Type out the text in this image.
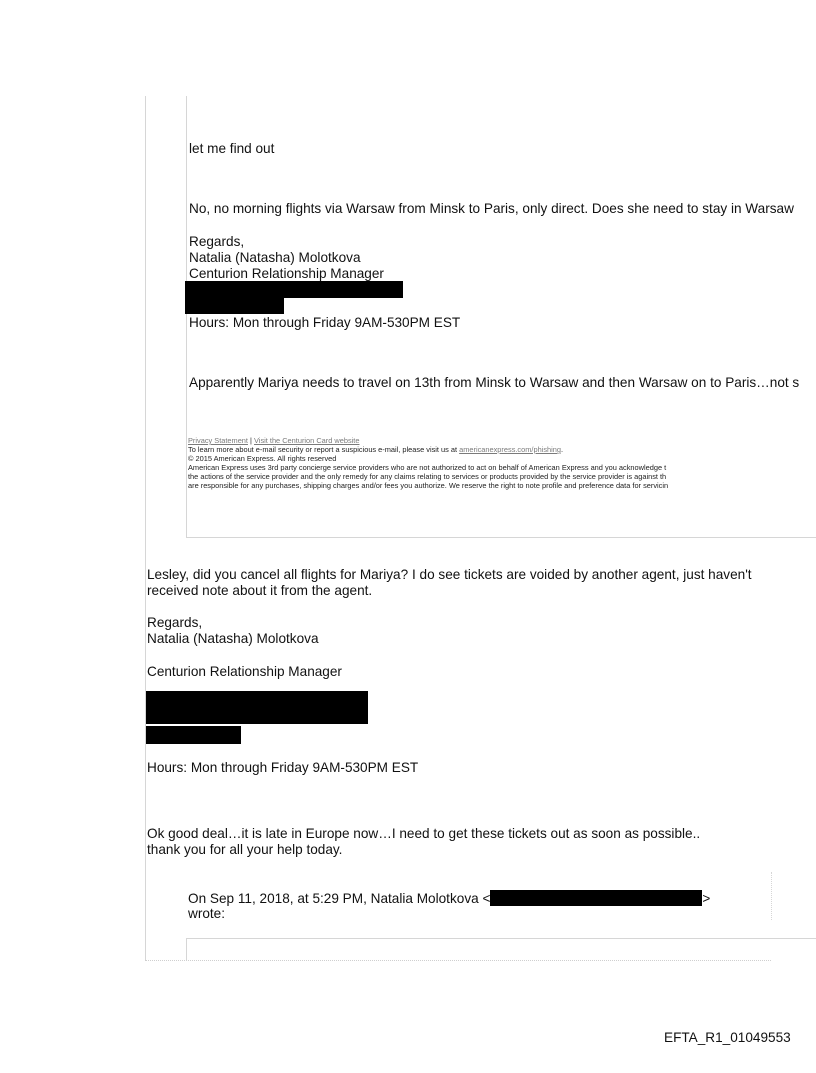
let me find out
No, no morning flights via Warsaw from Minsk to Paris, only direct. Does she need to stay in Warsaw
Regards,
Natalia (Natasha) Molotkova
Centurion Relationship Manager
Hours: Mon through Friday 9AM-530PM EST
Apparently Mariya needs to travel on 13th from Minsk to Warsaw and then Warsaw on to Paris…not s
Privacy Statement | Visit the Centurion Card website
To learn more about e-mail security or report a suspicious e-mail, please visit us at americanexpress.com/phishing.
© 2015 American Express. All rights reserved
American Express uses 3rd party concierge service providers who are not authorized to act on behalf of American Express and you acknowledge t
the actions of the service provider and the only remedy for any claims relating to services or products provided by the service provider is against th
are responsible for any purchases, shipping charges and/or fees you authorize. We reserve the right to note profile and preference data for servicin
Lesley, did you cancel all flights for Mariya? I do see tickets are voided by another agent, just haven't
received note about it from the agent.
Regards,
Natalia (Natasha) Molotkova
Centurion Relationship Manager
Hours: Mon through Friday 9AM-530PM EST
Ok good deal…it is late in Europe now…I need to get these tickets out as soon as possible..
thank you for all your help today.
On Sep 11, 2018, at 5:29 PM, Natalia Molotkova <	>
wrote:
EFTA_R1_01049553
